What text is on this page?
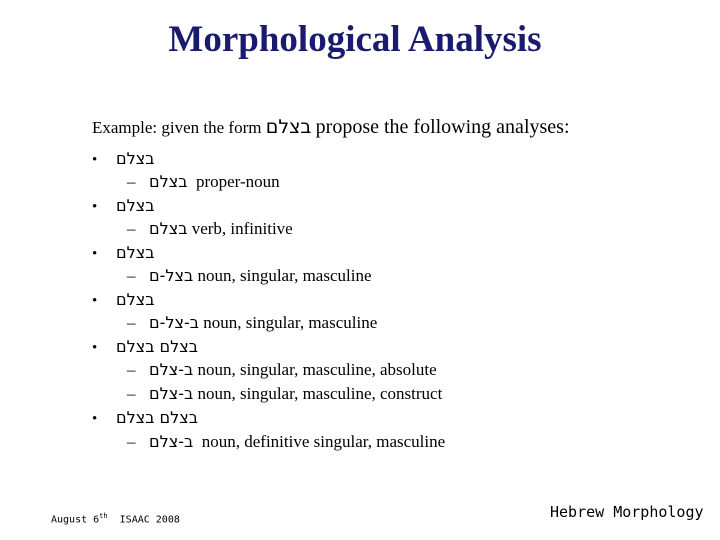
Morphological Analysis
Example: given the form בצלם propose the following analyses:
• בצלם
– בצלם proper-noun
• בצלם
– בצלם verb, infinitive
• בצלם
– בצל-ם noun, singular, masculine
• בצלם
– ב-צל-ם noun, singular, masculine
• בצלם בצלם
– ב-צלם noun, singular, masculine, absolute
– ב-צלם noun, singular, masculine, construct
• בצלם בצלם
– ב-צלם noun, definitive singular, masculine
August 6th ISAAC 2008	Hebrew Morphology
